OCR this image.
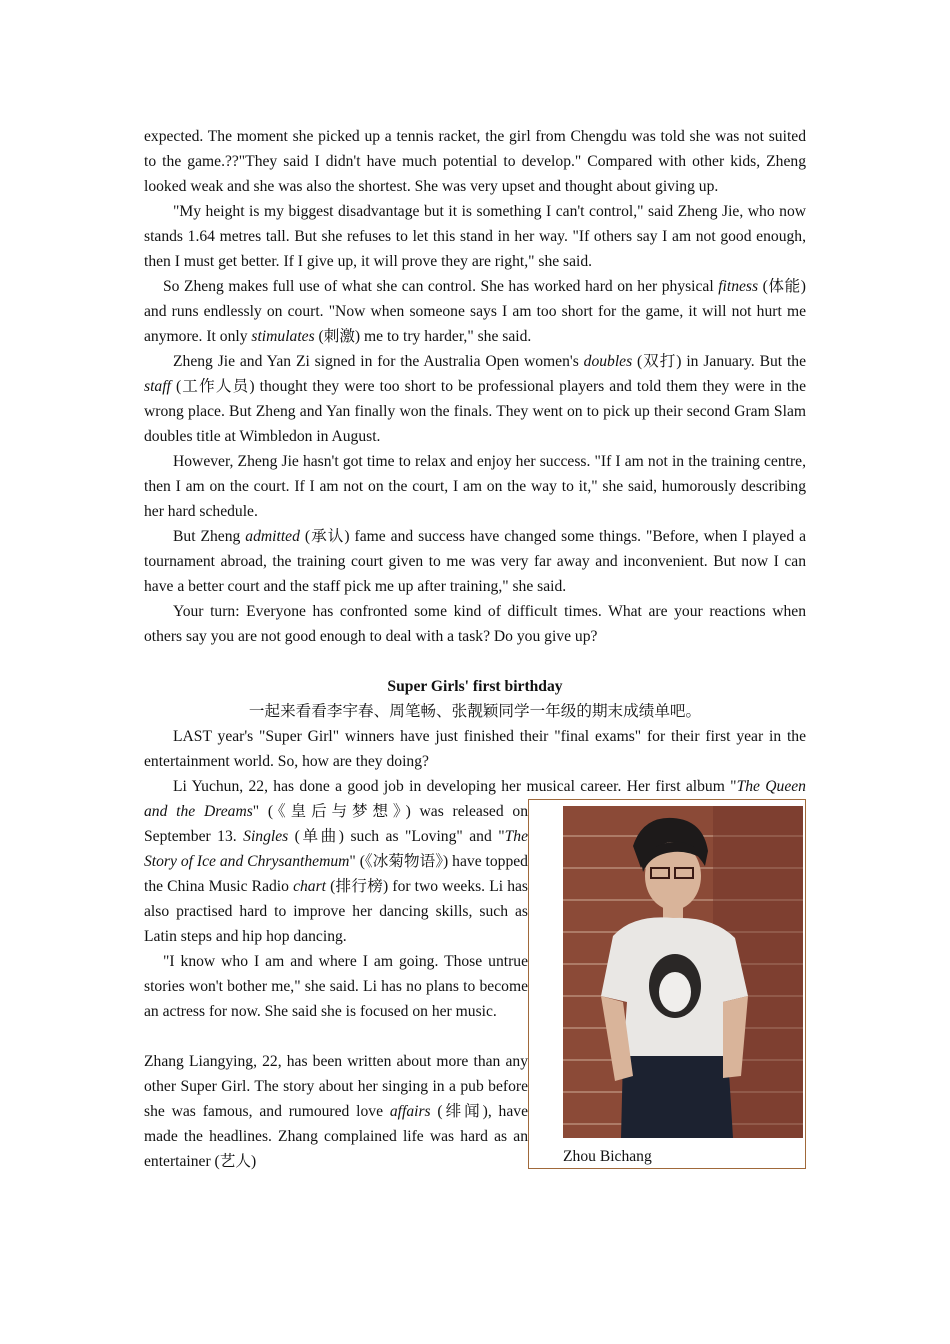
expected. The moment she picked up a tennis racket, the girl from Chengdu was told she was not suited to the game.??"They said I didn't have much potential to develop." Compared with other kids, Zheng looked weak and she was also the shortest. She was very upset and thought about giving up.

"My height is my biggest disadvantage but it is something I can't control," said Zheng Jie, who now stands 1.64 metres tall. But she refuses to let this stand in her way. "If others say I am not good enough, then I must get better. If I give up, it will prove they are right," she said.

So Zheng makes full use of what she can control. She has worked hard on her physical fitness (体能) and runs endlessly on court. "Now when someone says I am too short for the game, it will not hurt me anymore. It only stimulates (刺激) me to try harder," she said.

Zheng Jie and Yan Zi signed in for the Australia Open women's doubles (双打) in January. But the staff (工作人员) thought they were too short to be professional players and told them they were in the wrong place. But Zheng and Yan finally won the finals. They went on to pick up their second Gram Slam doubles title at Wimbledon in August.

However, Zheng Jie hasn't got time to relax and enjoy her success. "If I am not in the training centre, then I am on the court. If I am not on the court, I am on the way to it," she said, humorously describing her hard schedule.

But Zheng admitted (承认) fame and success have changed some things. "Before, when I played a tournament abroad, the training court given to me was very far away and inconvenient. But now I can have a better court and the staff pick me up after training," she said.

Your turn: Everyone has confronted some kind of difficult times. What are your reactions when others say you are not good enough to deal with a task? Do you give up?

Super Girls' first birthday

一起来看看李宇春、周笔畅、张靓颖同学一年级的期末成绩单吧。

LAST year's "Super Girl" winners have just finished their "final exams" for their first year in the entertainment world. So, how are they doing?

Li Yuchun, 22, has done a good job in developing her musical career. Her first album "The Queen and the Dreams
Zhou Bichang
" (《皇后与梦想》) was released on September 13. Singles (单曲) such as "Loving" and "The Story of Ice and Chrysanthemum" (《冰菊物语》) have topped the China Music Radio chart (排行榜) for two weeks. Li has also practised hard to improve her dancing skills, such as Latin steps and hip hop dancing.

"I know who I am and where I am going. Those untrue stories won't bother me," she said. Li has no plans to become an actress for now. She said she is focused on her music.

Zhang Liangying, 22, has been written about more than any other Super Girl. The story about her singing in a pub before she was famous, and rumoured love affairs (绯闻), have made the headlines. Zhang complained life was hard as an entertainer (艺人)
